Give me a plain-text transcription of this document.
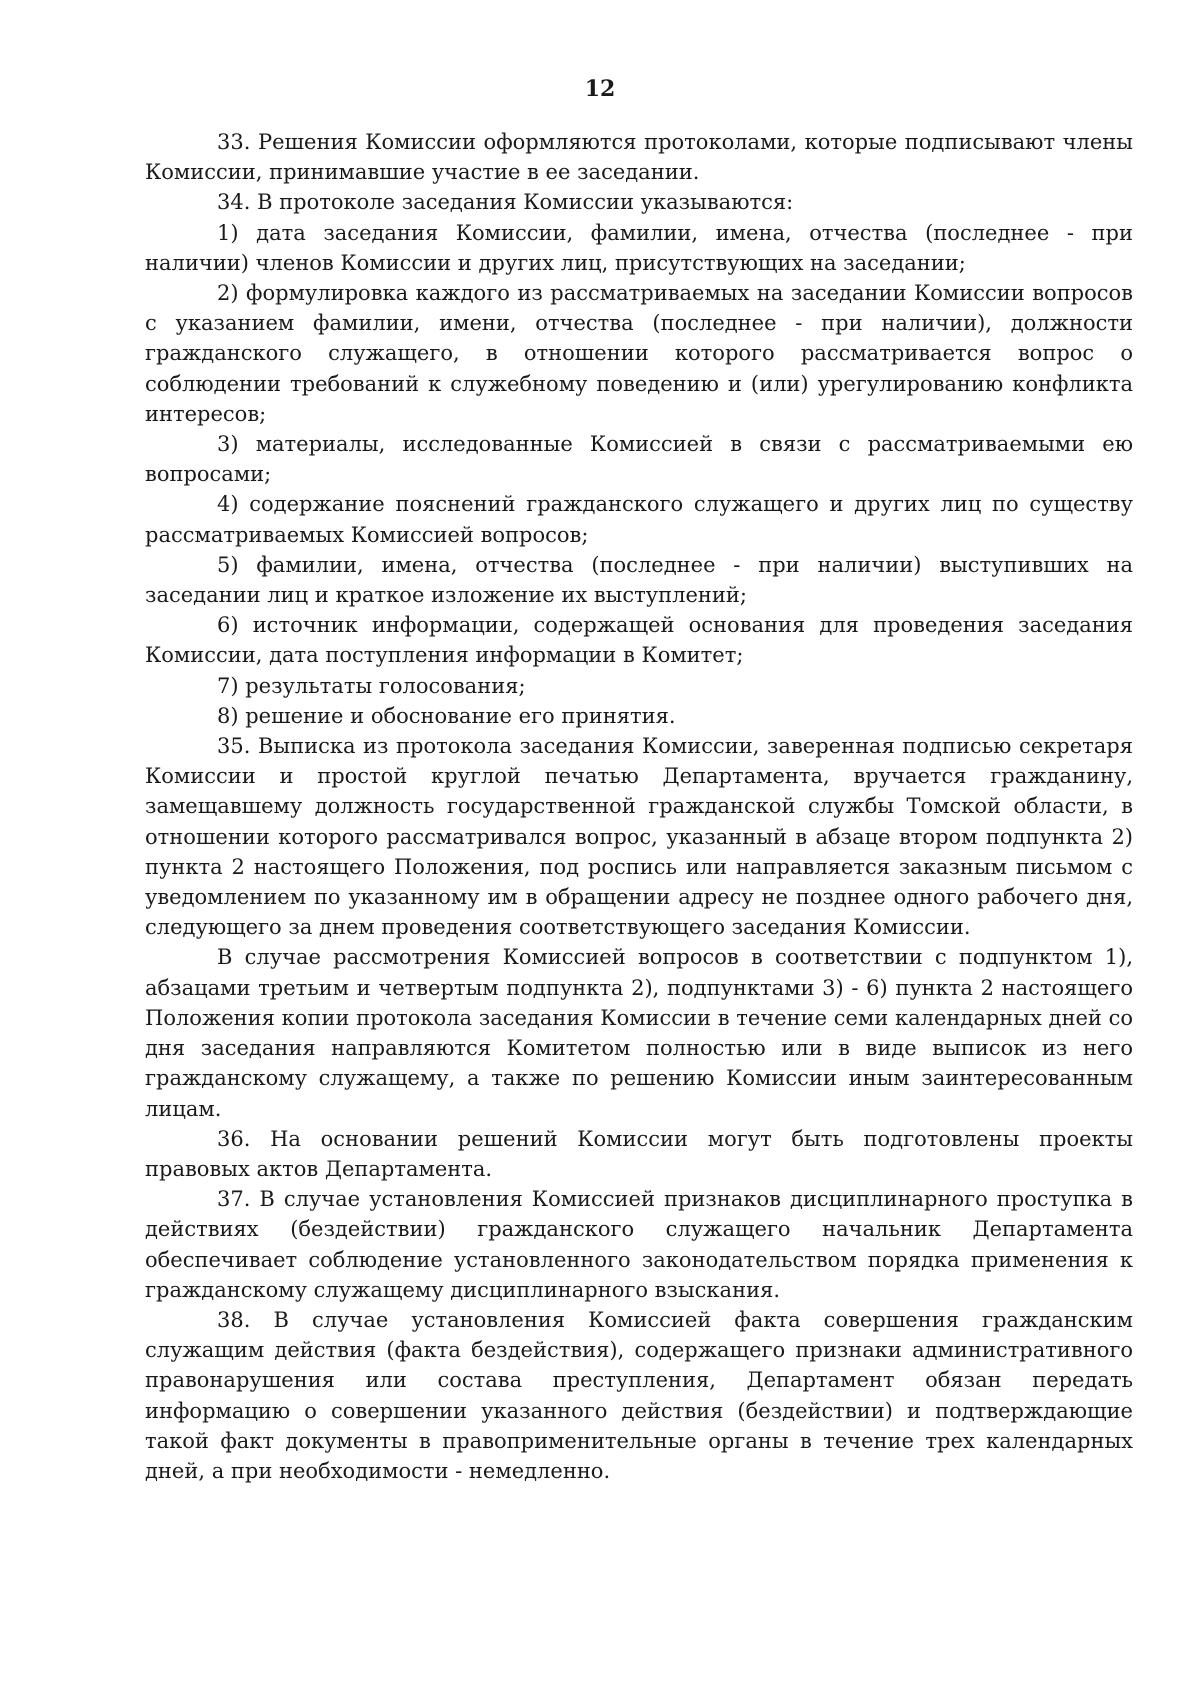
12

33. Решения Комиссии оформляются протоколами, которые подписывают члены Комиссии, принимавшие участие в ее заседании.

34. В протоколе заседания Комиссии указываются:

1) дата заседания Комиссии, фамилии, имена, отчества (последнее - при наличии) членов Комиссии и других лиц, присутствующих на заседании;

2) формулировка каждого из рассматриваемых на заседании Комиссии вопросов с указанием фамилии, имени, отчества (последнее - при наличии), должности гражданского служащего, в отношении которого рассматривается вопрос о соблюдении требований к служебному поведению и (или) урегулированию конфликта интересов;

3) материалы, исследованные Комиссией в связи с рассматриваемыми ею вопросами;

4) содержание пояснений гражданского служащего и других лиц по существу рассматриваемых Комиссией вопросов;

5) фамилии, имена, отчества (последнее - при наличии) выступивших на заседании лиц и краткое изложение их выступлений;

6) источник информации, содержащей основания для проведения заседания Комиссии, дата поступления информации в Комитет;

7) результаты голосования;

8) решение и обоснование его принятия.

35. Выписка из протокола заседания Комиссии, заверенная подписью секретаря Комиссии и простой круглой печатью Департамента, вручается гражданину, замещавшему должность государственной гражданской службы Томской области, в отношении которого рассматривался вопрос, указанный в абзаце втором подпункта 2) пункта 2 настоящего Положения, под роспись или направляется заказным письмом с уведомлением по указанному им в обращении адресу не позднее одного рабочего дня, следующего за днем проведения соответствующего заседания Комиссии.

В случае рассмотрения Комиссией вопросов в соответствии с подпунктом 1), абзацами третьим и четвертым подпункта 2), подпунктами 3) - 6) пункта 2 настоящего Положения копии протокола заседания Комиссии в течение семи календарных дней со дня заседания направляются Комитетом полностью или в виде выписок из него гражданскому служащему, а также по решению Комиссии иным заинтересованным лицам.

36. На основании решений Комиссии могут быть подготовлены проекты правовых актов Департамента.

37. В случае установления Комиссией признаков дисциплинарного проступка в действиях (бездействии) гражданского служащего начальник Департамента обеспечивает соблюдение установленного законодательством порядка применения к гражданскому служащему дисциплинарного взыскания.

38. В случае установления Комиссией факта совершения гражданским служащим действия (факта бездействия), содержащего признаки административного правонарушения или состава преступления, Департамент обязан передать информацию о совершении указанного действия (бездействии) и подтверждающие такой факт документы в правоприменительные органы в течение трех календарных дней, а при необходимости - немедленно.
